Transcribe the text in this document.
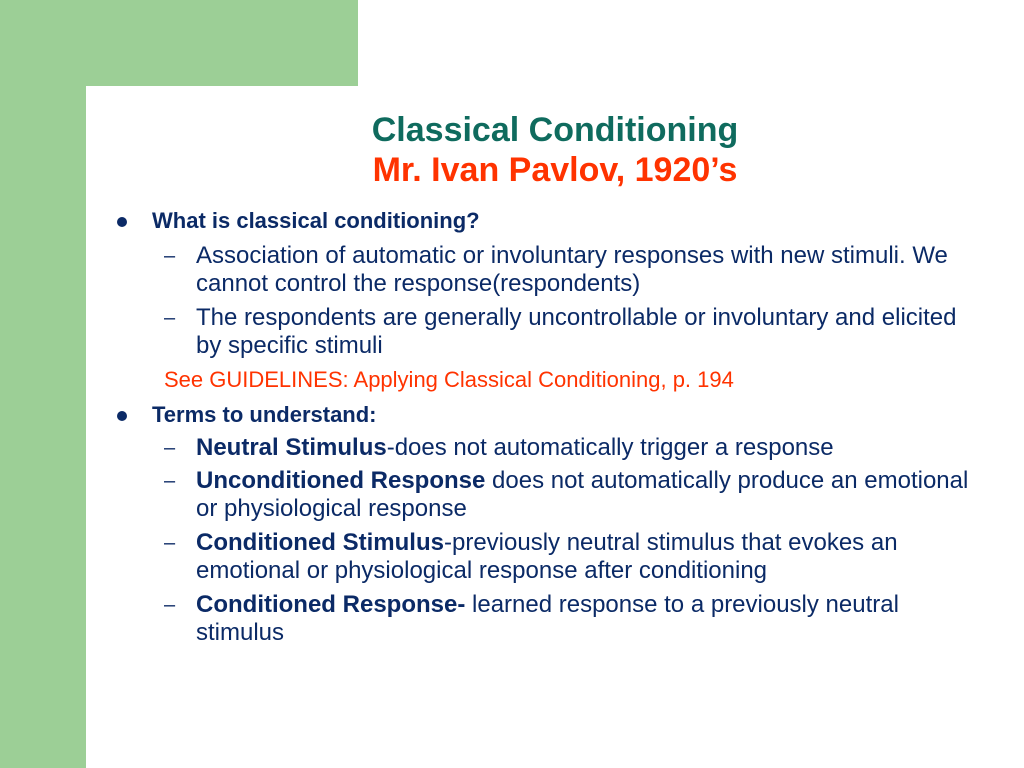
Classical Conditioning
Mr. Ivan Pavlov, 1920’s
What is classical conditioning?
– Association of automatic or involuntary responses with new stimuli. We cannot control the response(respondents)
– The respondents are generally uncontrollable or involuntary and elicited by specific stimuli
See GUIDELINES: Applying Classical Conditioning, p. 194
Terms to understand:
– Neutral Stimulus-does not automatically trigger a response
– Unconditioned Response does not automatically produce an emotional or physiological response
– Conditioned Stimulus-previously neutral stimulus that evokes an emotional or physiological response after conditioning
– Conditioned Response- learned response to a previously neutral stimulus
